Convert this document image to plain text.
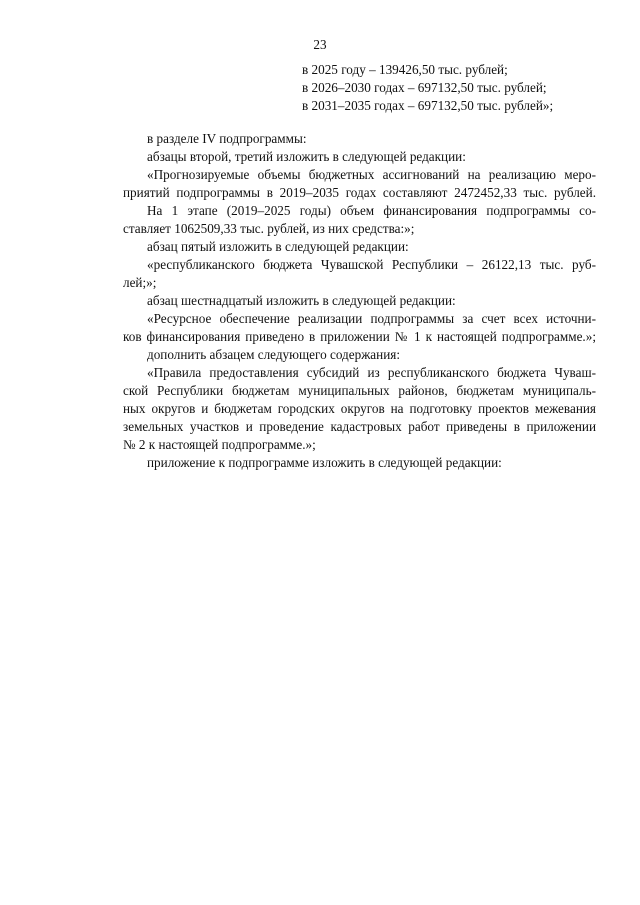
23
в 2025 году – 139426,50 тыс. рублей;
в 2026–2030 годах – 697132,50 тыс. рублей;
в 2031–2035 годах – 697132,50 тыс. рублей»;
в разделе IV подпрограммы:
абзацы второй, третий изложить в следующей редакции:
«Прогнозируемые объемы бюджетных ассигнований на реализацию меро-
приятий подпрограммы в 2019–2035 годах составляют 2472452,33 тыс. рублей.
На 1 этапе (2019–2025 годы) объем финансирования подпрограммы со-
ставляет 1062509,33 тыс. рублей, из них средства:»;
абзац пятый изложить в следующей редакции:
«республиканского бюджета Чувашской Республики – 26122,13 тыс. руб-
лей;»;
абзац шестнадцатый изложить в следующей редакции:
«Ресурсное обеспечение реализации подпрограммы за счет всех источни-
ков финансирования приведено в приложении № 1 к настоящей подпрограмме.»;
дополнить абзацем следующего содержания:
«Правила предоставления субсидий из республиканского бюджета Чуваш-
ской Республики бюджетам муниципальных районов, бюджетам муниципаль-
ных округов и бюджетам городских округов на подготовку проектов межевания
земельных участков и проведение кадастровых работ приведены в приложении
№ 2 к настоящей подпрограмме.»;
приложение к подпрограмме изложить в следующей редакции:
